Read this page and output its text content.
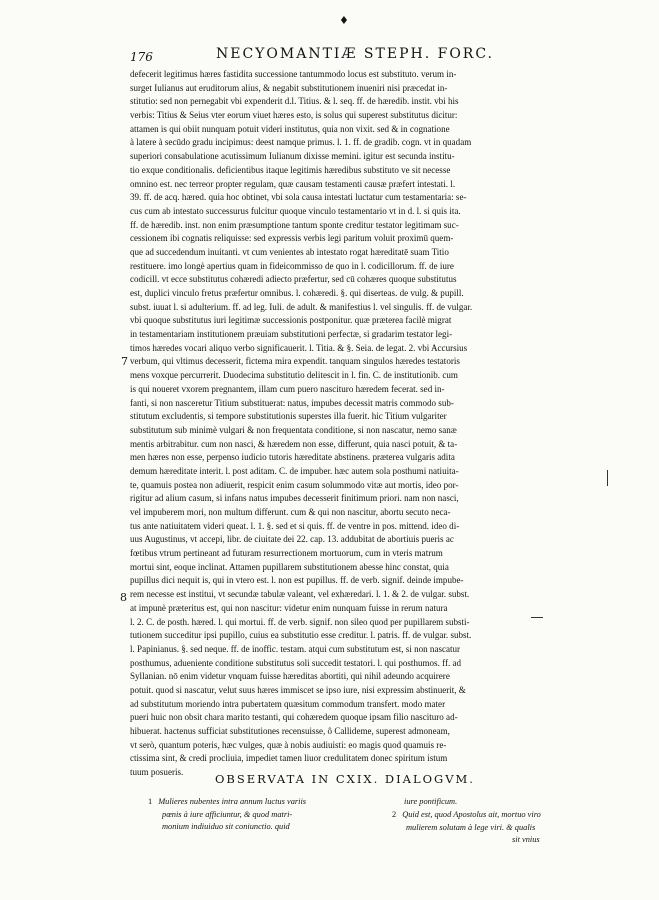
♦
176	NECYOMANTIÆ STEPH. FORC.
7
8
defecerit legitimus hæres fastidita successione tantummodo locus est substituto. verum in-
surget Iulianus aut eruditorum alius, & negabit substitutionem inueniri nisi præcedat in-
stitutio: sed non pernegabit vbi expenderit d.l. Titius. & l. seq. ff. de hæredib. instit. vbi his
verbis: Titius & Seius vter eorum viuet hæres esto, is solus qui superest substitutus dicitur:
attamen is qui obiit nunquam potuit videri institutus, quia non vixit. sed & in cognatione
à latere à secūdo gradu incipimus: deest namque primus. l. 1. ff. de gradib. cogn. vt in quadam
superiori consabulatione acutissimum Iulianum dixisse memini. igitur est secunda institu-
tio exque conditionalis. deficientibus itaque legitimis hæredibus substituto ve sit necesse
omnino est. nec terreor propter regulam, quæ causam testamenti causæ præfert intestati. l.
39. ff. de acq. hæred. quia hoc obtinet, vbi sola causa intestati luctatur cum testamentaria: se-
cus cum ab intestato successurus fulcitur quoque vinculo testamentario vt in d. l. si quis ita.
ff. de hæredib. inst. non enim præsumptione tantum sponte creditur testator legitimam suc-
cessionem ibi cognatis reliquisse: sed expressis verbis legi paritum voluit proximū quem-
que ad succedendum inuitanti. vt cum venientes ab intestato rogat hæreditatē suam Titio
restituere. imo longè apertius quam in fideicommisso de quo in l. codicillorum. ff. de iure
codicill. vt ecce substitutus cohæredi adiecto præfertur, sed cū cohæres quoque substitutus
est, duplici vinculo fretus præfertur omnibus. l. cohæredi. §. qui diserteas. de vulg. & pupill.
subst. iuuat l. si adulterium. ff. ad leg. Iuli. de adult. & manifestius l. vel singulis. ff. de vulgar.
vbi quoque substitutus iuri legitimæ successionis postponitur. quæ præterea facilè migrat
in testamentariam institutionem præuiam substitutioni perfectæ, si gradarim testator legi-
timos hæredes vocari aliquo verbo significauerit. l. Titia. & §. Seia. de legat. 2. vbi Accursius
verbum, qui vltimus decesserit, fictema mira expendit. tanquam singulos hæredes testatoris
mens voxque percurrerit. Duodecima substitutio delitescit in l. fin. C. de institutionib. cum
is qui noueret vxorem pregnantem, illam cum puero nasciturо hæredem fecerat. sed in-
fanti, si non nasceretur Titium substituerat: natus, impubes decessit matris commodo sub-
stitutum excludentis, si tempore substitutionis superstes illa fuerit. hic Titium vulgariter
substitutum sub minimè vulgari & non frequentata conditione, si non nascatur, nemo sanæ
mentis arbitrabitur. cum non nasci, & hæredem non esse, differunt, quia nasci potuit, & ta-
men hæres non esse, perpenso iudicio tutoris hæreditate abstinens. præterea vulgaris adita
demum hæreditate interit. l. post aditam. C. de impuber. hæc autem sola posthumi natiuita-
te, quamuis postea non adiuerit, respicit enim casum solummodo vitæ aut mortis, ideo por-
rigitur ad alium casum, si infans natus impubes decesserit finitimum priori. nam non nasci,
vel impuberem mori, non multum differunt. cum & qui non nascitur, abortu secuto neca-
tus ante natiuitatem videri queat. l. 1. §. sed et si quis. ff. de ventre in pos. mittend. ideo di-
uus Augustinus, vt accepi, libr. de ciuitate dei 22. cap. 13. addubitat de abortiuis pueris ac
fœtibus vtrum pertineant ad futuram resurrectionem mortuorum, cum in vteris matrum
mortui sint, eoque inclinat. Attamen pupillarem substitutionem abesse hinc constat, quia
pupillus dici nequit is, qui in vtero est. l. non est pupillus. ff. de verb. signif. deinde impube-
rem necesse est institui, vt secundæ tabulæ valeant, vel exhæredari. l. 1. & 2. de vulgar. subst.
at impunè præteritus est, qui non nascitur: videtur enim nunquam fuisse in rerum natura
l. 2. C. de posth. hæred. l. qui mortui. ff. de verb. signif. non sileo quod per pupillarem substi-
tutionem succeditur ipsi pupillo, cuius ea substitutio esse creditur. l. patris. ff. de vulgar. subst.
l. Papinianus. §. sed neque. ff. de inoffic. testam. atqui cum substitutum est, si non nascatur
posthumus, adueniente conditione substitutus soli succedit testatori. l. qui posthumos. ff. ad
Syllanian. nō enim videtur vnquam fuisse hæreditas abortiti, qui nihil adeundo acquirere
potuit. quod si nascatur, velut suus hæres immiscet se ipso iure, nisi expressim abstinuerit, &
ad substitutum moriendo intra pubertatem quæsitum commodum transfert. modo mater
pueri huic non obsit chara marito testanti, qui cohæredem quoque ipsam filio nascituro ad-
hibuerat. hactenus sufficiat substitutiones recensuisse, ô Callideme, superest admoneam,
vt serò, quantum poteris, hæc vulges, quæ à nobis audiuisti: eo magis quod quamuis re-
ctissima sint, & credi procliuia, impediet tamen liuor credulitatem donec spiritum istum
tuum posueris.	OBSERVATA IN CXIX. DIALOGVM.
1 Mulieres nubentes intra annum luctus variis
pœnis à iure afficiuntur, & quod matri-
monium indiuiduo sit coniunctio. quid
iure pontificum.
2 Quid est, quod Apostolus ait, mortuo viro
mulierem solutam à lege viri. & qualis
sit vnius
